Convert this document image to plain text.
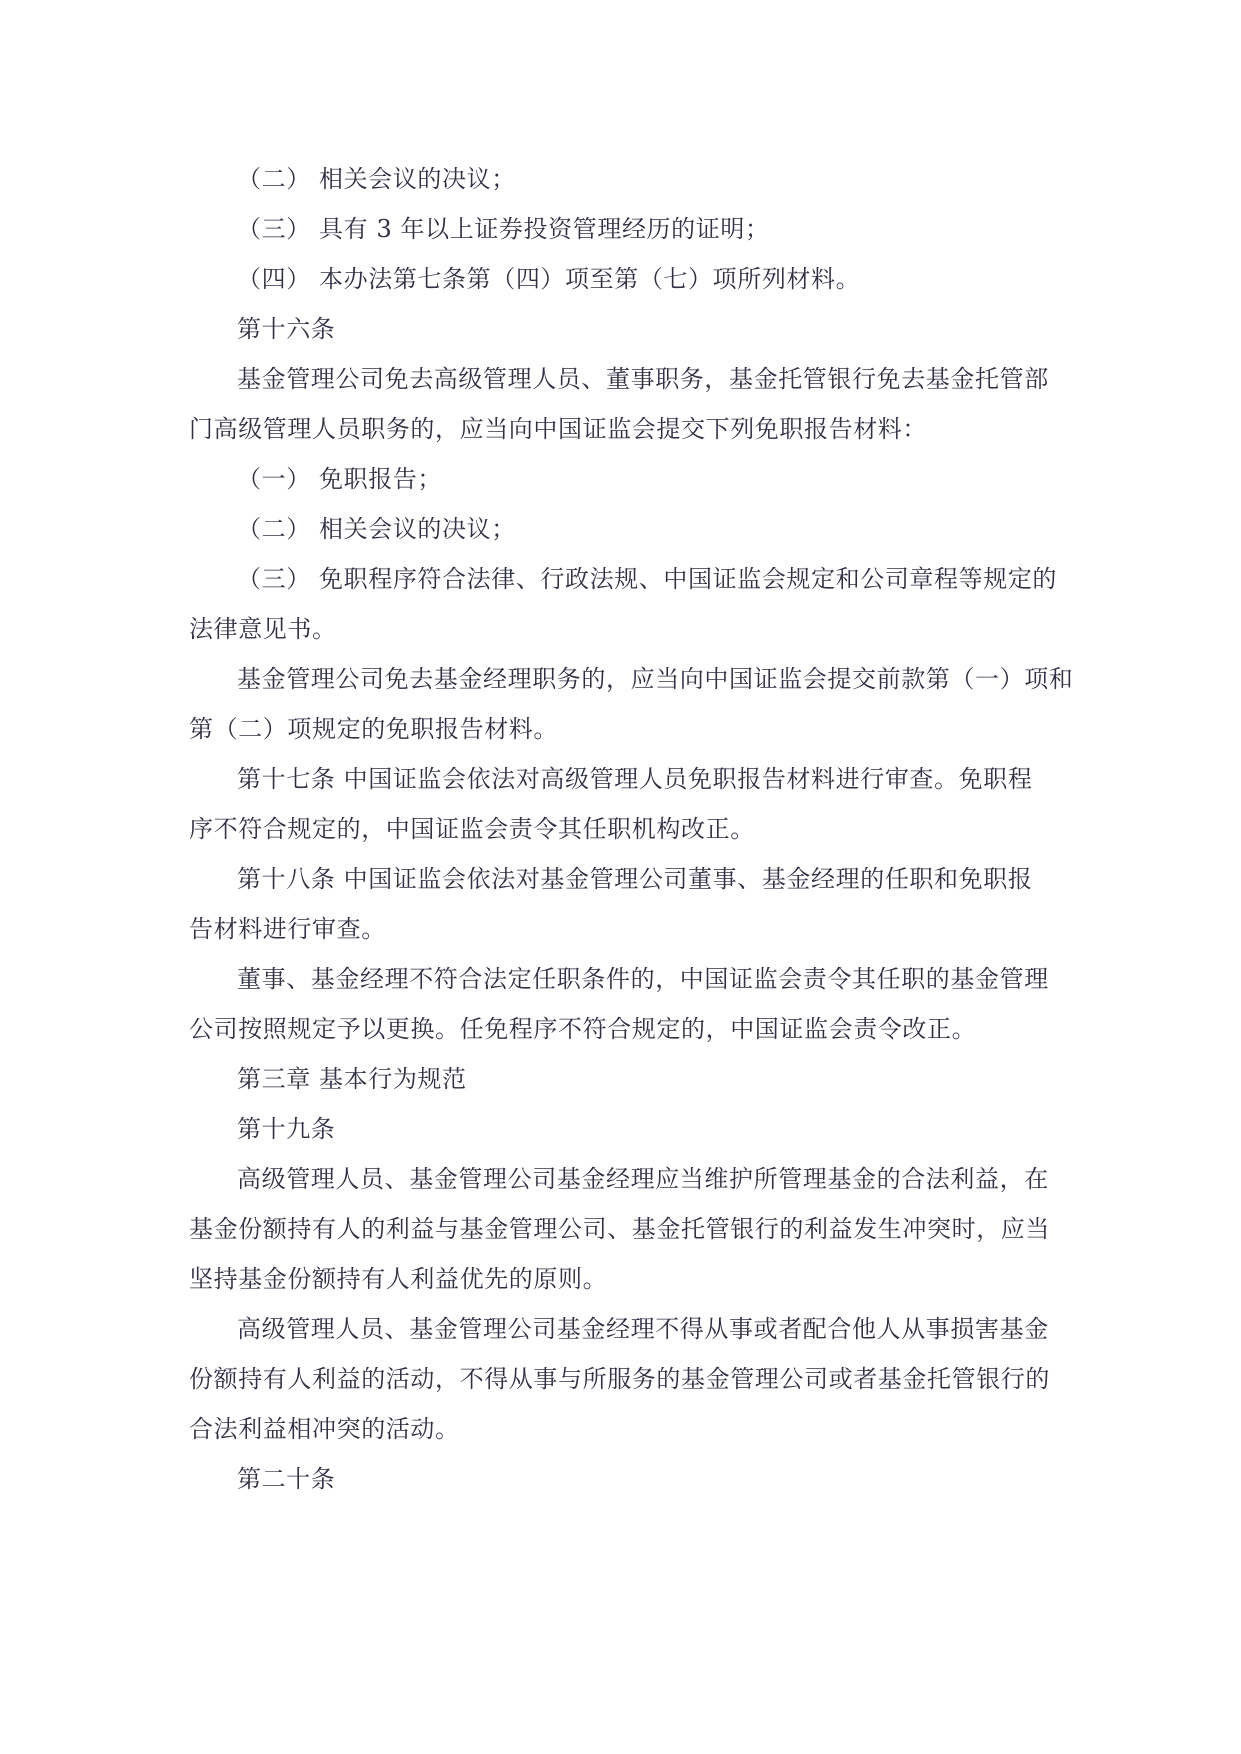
（二） 相关会议的决议；
（三） 具有 3 年以上证券投资管理经历的证明；
（四） 本办法第七条第（四）项至第（七）项所列材料。
第十六条
基金管理公司免去高级管理人员、董事职务，基金托管银行免去基金托管部
门高级管理人员职务的，应当向中国证监会提交下列免职报告材料：
（一） 免职报告；
（二） 相关会议的决议；
（三） 免职程序符合法律、行政法规、中国证监会规定和公司章程等规定的
法律意见书。
基金管理公司免去基金经理职务的，应当向中国证监会提交前款第（一）项和
第（二）项规定的免职报告材料。
第十七条 中国证监会依法对高级管理人员免职报告材料进行审查。免职程
序不符合规定的，中国证监会责令其任职机构改正。
第十八条 中国证监会依法对基金管理公司董事、基金经理的任职和免职报
告材料进行审查。
董事、基金经理不符合法定任职条件的，中国证监会责令其任职的基金管理
公司按照规定予以更换。任免程序不符合规定的，中国证监会责令改正。
第三章 基本行为规范
第十九条
高级管理人员、基金管理公司基金经理应当维护所管理基金的合法利益，在
基金份额持有人的利益与基金管理公司、基金托管银行的利益发生冲突时，应当
坚持基金份额持有人利益优先的原则。
高级管理人员、基金管理公司基金经理不得从事或者配合他人从事损害基金
份额持有人利益的活动，不得从事与所服务的基金管理公司或者基金托管银行的
合法利益相冲突的活动。
第二十条
